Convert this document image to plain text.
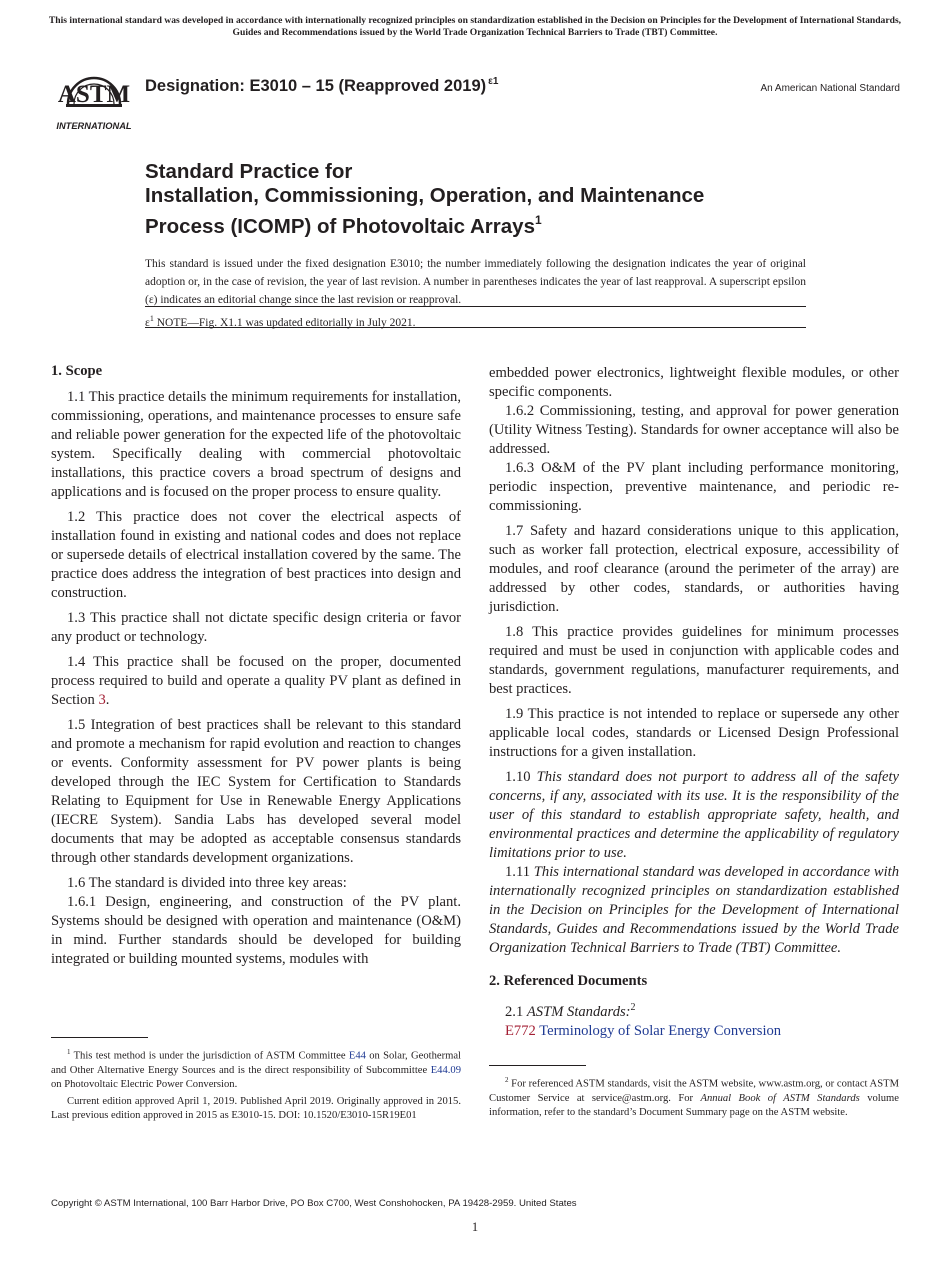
This international standard was developed in accordance with internationally recognized principles on standardization established in the Decision on Principles for the Development of International Standards, Guides and Recommendations issued by the World Trade Organization Technical Barriers to Trade (TBT) Committee.
ASTM
INTERNATIONAL
Designation: E3010 – 15 (Reapproved 2019) $^{\varepsilon 1}$
An American National Standard
Standard Practice for
Installation, Commissioning, Operation, and Maintenance
Process (ICOMP) of Photovoltaic Arrays$^1$

This standard is issued under the fixed designation E3010; the number immediately following the designation indicates the year of original adoption or, in the case of revision, the year of last revision. A number in parentheses indicates the year of last reapproval. A superscript epsilon (ε) indicates an editorial change since the last revision or reapproval.

$\varepsilon^1$ NOTE—Fig. X1.1 was updated editorially in July 2021.
1. Scope

1.1 This practice details the minimum requirements for installation, commissioning, operations, and maintenance processes to ensure safe and reliable power generation for the expected life of the photovoltaic system. Specifically dealing with commercial photovoltaic installations, this practice covers a broad spectrum of designs and applications and is focused on the proper process to ensure quality.

1.2 This practice does not cover the electrical aspects of installation found in existing and national codes and does not replace or supersede details of electrical installation covered by the same. The practice does address the integration of best practices into design and construction.

1.3 This practice shall not dictate specific design criteria or favor any product or technology.

1.4 This practice shall be focused on the proper, documented process required to build and operate a quality PV plant as defined in Section 3.

1.5 Integration of best practices shall be relevant to this standard and promote a mechanism for rapid evolution and reaction to changes or events. Conformity assessment for PV power plants is being developed through the IEC System for Certification to Standards Relating to Equipment for Use in Renewable Energy Applications (IECRE System). Sandia Labs has developed several model documents that may be adopted as acceptable consensus standards through other standards development organizations.

1.6 The standard is divided into three key areas:

1.6.1 Design, engineering, and construction of the PV plant. Systems should be designed with operation and maintenance (O&M) in mind. Further standards should be developed for building integrated or building mounted systems, modules with

$^1$ This test method is under the jurisdiction of ASTM Committee E44 on Solar, Geothermal and Other Alternative Energy Sources and is the direct responsibility of Subcommittee E44.09 on Photovoltaic Electric Power Conversion.

Current edition approved April 1, 2019. Published April 2019. Originally approved in 2015. Last previous edition approved in 2015 as E3010-15. DOI: 10.1520/E3010-15R19E01

embedded power electronics, lightweight flexible modules, or other specific components.

1.6.2 Commissioning, testing, and approval for power generation (Utility Witness Testing). Standards for owner acceptance will also be addressed.

1.6.3 O&M of the PV plant including performance monitoring, periodic inspection, preventive maintenance, and periodic re-commissioning.

1.7 Safety and hazard considerations unique to this application, such as worker fall protection, electrical exposure, accessibility of modules, and roof clearance (around the perimeter of the array) are addressed by other codes, standards, or authorities having jurisdiction.

1.8 This practice provides guidelines for minimum processes required and must be used in conjunction with applicable codes and standards, government regulations, manufacturer requirements, and best practices.

1.9 This practice is not intended to replace or supersede any other applicable local codes, standards or Licensed Design Professional instructions for a given installation.

1.10 This standard does not purport to address all of the safety concerns, if any, associated with its use. It is the responsibility of the user of this standard to establish appropriate safety, health, and environmental practices and determine the applicability of regulatory limitations prior to use.

1.11 This international standard was developed in accordance with internationally recognized principles on standardization established in the Decision on Principles for the Development of International Standards, Guides and Recommendations issued by the World Trade Organization Technical Barriers to Trade (TBT) Committee.

2. Referenced Documents

2.1 ASTM Standards:$^2$

E772 Terminology of Solar Energy Conversion

$^2$ For referenced ASTM standards, visit the ASTM website, www.astm.org, or contact ASTM Customer Service at service@astm.org. For Annual Book of ASTM Standards volume information, refer to the standard’s Document Summary page on the ASTM website.

Copyright © ASTM International, 100 Barr Harbor Drive, PO Box C700, West Conshohocken, PA 19428-2959. United States
1
